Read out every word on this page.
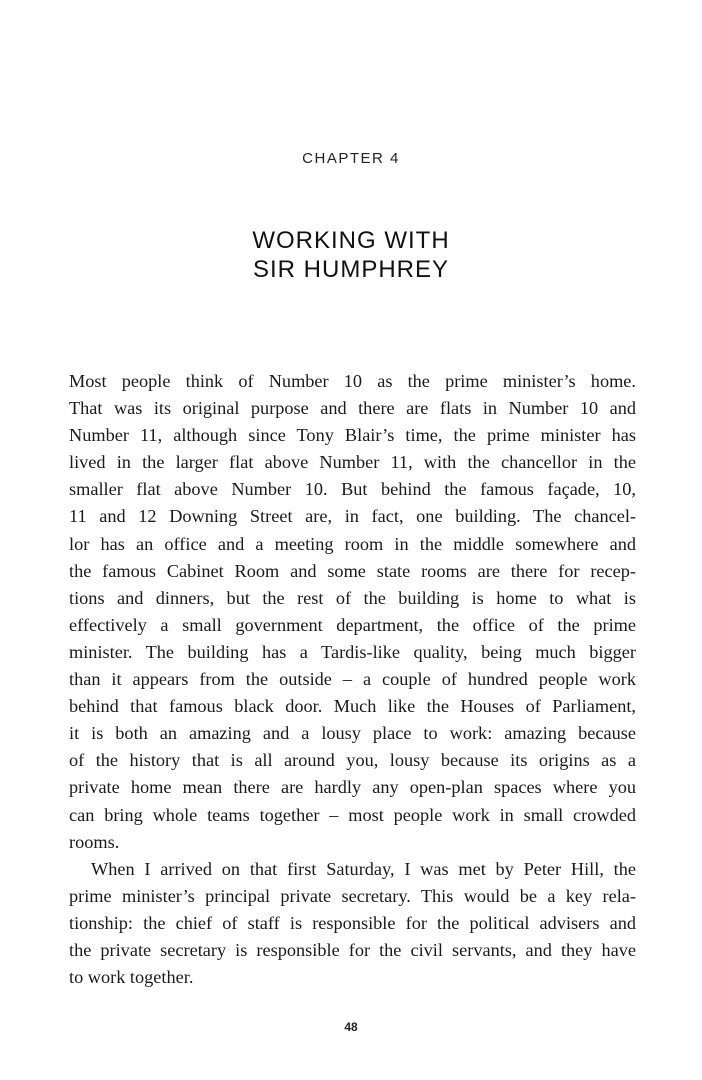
CHAPTER 4
WORKING WITH
SIR HUMPHREY
Most people think of Number 10 as the prime minister’s home.
That was its original purpose and there are flats in Number 10 and
Number 11, although since Tony Blair’s time, the prime minister has
lived in the larger flat above Number 11, with the chancellor in the
smaller flat above Number 10. But behind the famous façade, 10,
11 and 12 Downing Street are, in fact, one building. The chancel-
lor has an office and a meeting room in the middle somewhere and
the famous Cabinet Room and some state rooms are there for recep-
tions and dinners, but the rest of the building is home to what is
effectively a small government department, the office of the prime
minister. The building has a Tardis-like quality, being much bigger
than it appears from the outside – a couple of hundred people work
behind that famous black door. Much like the Houses of Parliament,
it is both an amazing and a lousy place to work: amazing because
of the history that is all around you, lousy because its origins as a
private home mean there are hardly any open-plan spaces where you
can bring whole teams together – most people work in small crowded
rooms.
When I arrived on that first Saturday, I was met by Peter Hill, the
prime minister’s principal private secretary. This would be a key rela-
tionship: the chief of staff is responsible for the political advisers and
the private secretary is responsible for the civil servants, and they have
to work together.
48
